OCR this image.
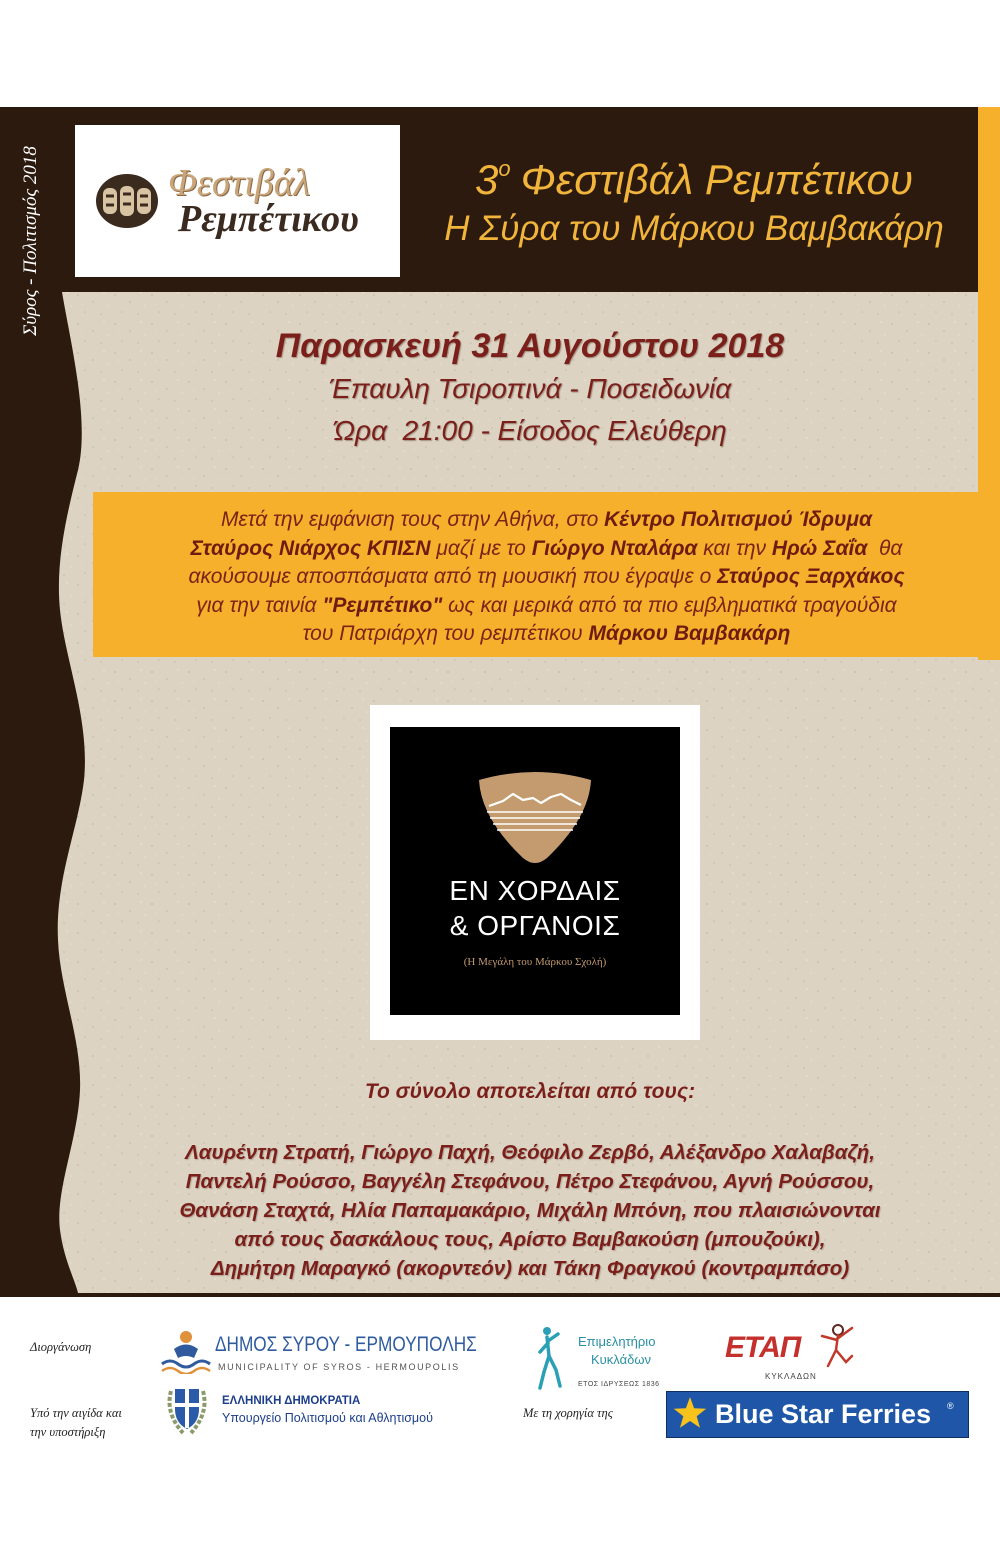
Σύρος - Πολιτισμός 2018	Φεστιβάλ
Ρεμπέτικου
$3^o$ Φεστιβάλ Ρεμπέτικου
Η Σύρα του Μάρκου Βαμβακάρη
Παρασκευή 31 Αυγούστου 2018
Έπαυλη Τσιροπινά - Ποσειδωνία
Ώρα  21:00 - Είσοδος Ελεύθερη
Μετά την εμφάνιση τους στην Αθήνα, στο Κέντρο Πολιτισμού Ίδρυμα
Σταύρος Νιάρχος ΚΠΙΣΝ μαζί με το Γιώργο Νταλάρα και την Ηρώ Σαΐα  θα
ακούσουμε αποσπάσματα από τη μουσική που έγραψε ο Σταύρος Ξαρχάκος
για την ταινία "Ρεμπέτικο" ως και μερικά από τα πιο εμβληματικά τραγούδια
του Πατριάρχη του ρεμπέτικου Μάρκου Βαμβακάρη
ΕΝ ΧΟΡΔΑΙΣ
& ΟΡΓΑΝΟΙΣ
(Η Μεγάλη του Μάρκου Σχολή)
Το σύνολο αποτελείται από τους:
Λαυρέντη Στρατή, Γιώργο Παχή, Θεόφιλο Ζερβό, Αλέξανδρο Χαλαβαζή,
Παντελή Ρούσσο, Βαγγέλη Στεφάνου, Πέτρο Στεφάνου, Αγνή Ρούσσου,
Θανάση Σταχτά, Ηλία Παπαμακάριο, Μιχάλη Μπόνη, που πλαισιώνονται
από τους δασκάλους τους, Αρίστο Βαμβακούση (μπουζούκι),
Δημήτρη Μαραγκό (ακορντεόν) και Τάκη Φραγκού (κοντραμπάσο)
Διοργάνωση	ΔΗΜΟΣ ΣΥΡΟΥ - ΕΡΜΟΥΠΟΛΗΣ
MUNICIPALITY OF SYROS - HERMOUPOLIS
Υπό την αιγίδα και
την υποστήριξη
ΕΛΛΗΝΙΚΗ ΔΗΜΟΚΡΑΤΙΑ
Υπουργείο Πολιτισμού και Αθλητισμού
Επιμελητήριο
Κυκλάδων
ΕΤΟΣ ΙΔΡΥΣΕΩΣ 1836
ΕΤΑΠ
ΚΥΚΛΑΔΩΝ
Με τη χορηγία της	Blue Star Ferries ®
